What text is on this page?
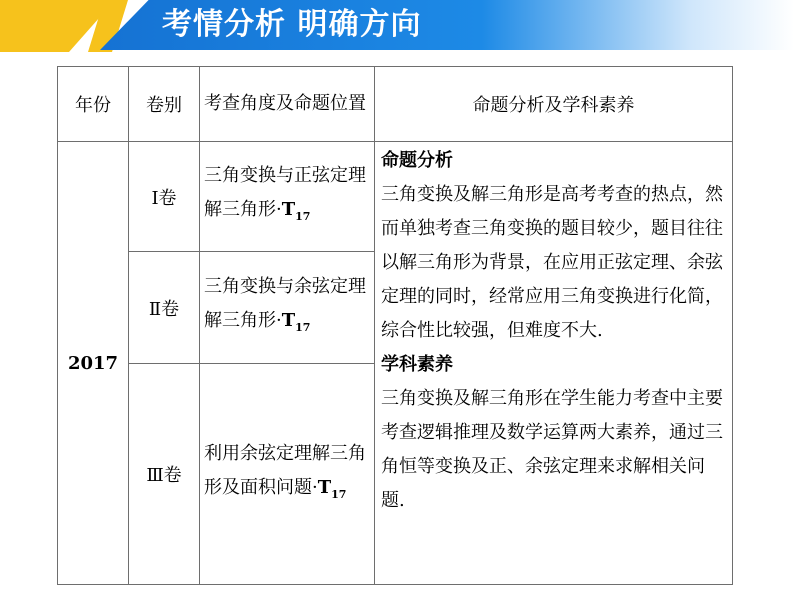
考情分析 明确方向
年份	卷别	考查角度及命题位置	命题分析及学科素养
2017	Ⅰ卷	三角变换与正弦定理解三角形$\cdot T_{17}$	命题分析
三角变换及解三角形是高考考查的热点，然而单独考查三角变换的题目较少，题目往往以解三角形为背景，在应用正弦定理、余弦定理的同时，经常应用三角变换进行化简，综合性比较强，但难度不大.
学科素养
三角变换及解三角形在学生能力考查中主要考查逻辑推理及数学运算两大素养，通过三角恒等变换及正、余弦定理来求解相关问题.

	Ⅱ卷	三角变换与余弦定理解三角形$\cdot T_{17}$

	Ⅲ卷	利用余弦定理解三角形及面积问题$\cdot T_{17}$
